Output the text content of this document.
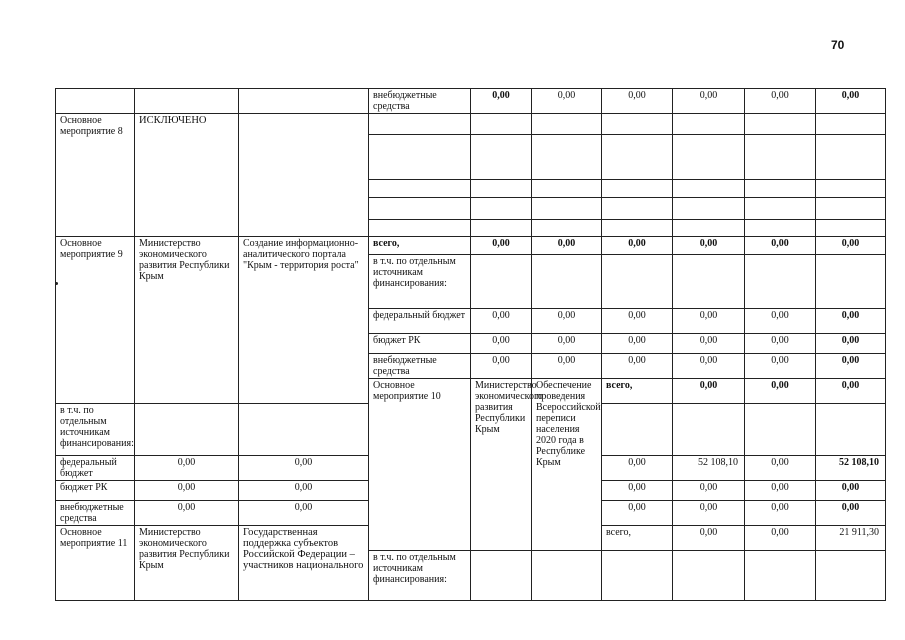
70
			внебюджетные средства	0,00	0,00	0,00	0,00	0,00	0,00	
Основное мероприятие 8	ИСКЛЮЧЕНО									

Основное мероприятие 9	Министерство экономического развития Республики Крым	Создание информационно-аналитического портала "Крым - территория роста"	всего,	0,00	0,00	0,00	0,00	0,00	0,00	
			в т.ч. по отдельным источникам финансирования:							
			федеральный бюджет	0,00	0,00	0,00	0,00	0,00	0,00	
			бюджет РК	0,00	0,00	0,00	0,00	0,00	0,00	
			внебюджетные средства	0,00	0,00	0,00	0,00	0,00	0,00	
			Основное мероприятие 10	Министерство экономического развития Республики Крым	Обеспечение проведения Всероссийской переписи населения 2020 года в Республике Крым	всего,	0,00	0,00	0,00			
в т.ч. по отдельным источникам финансирования:										
федеральный бюджет	0,00	0,00				0,00	52 108,10	0,00	52 108,10	
бюджет РК	0,00	0,00				0,00	0,00	0,00	0,00	
внебюджетные средства	0,00	0,00				0,00	0,00	0,00	0,00	
Основное мероприятие 11	Министерство экономического развития Республики Крым	Государственная поддержка субъектов Российской Федерации – участников национального				всего,	0,00	0,00	21 911,30			
			в т.ч. по отдельным источникам финансирования:							
